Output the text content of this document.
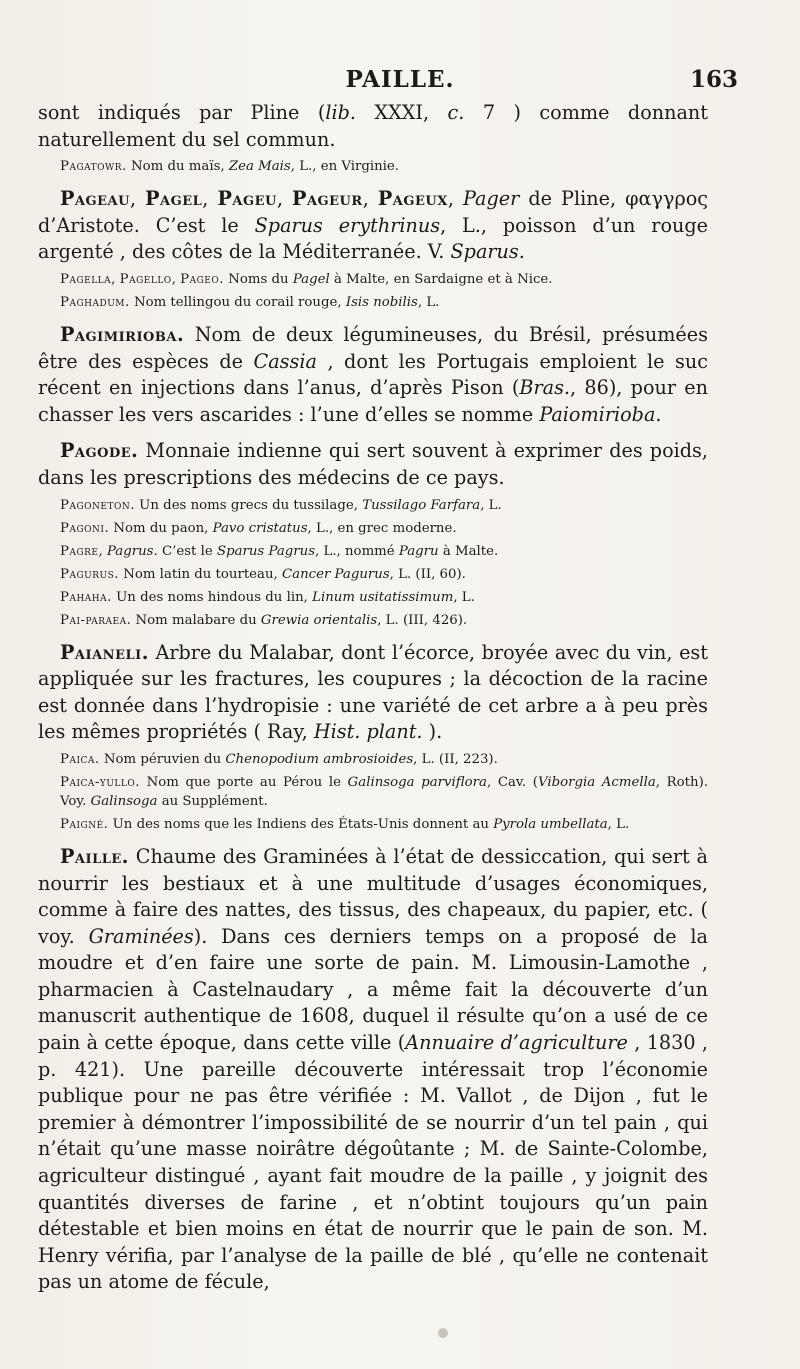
PAILLE.	163

sont indiqués par Pline (lib. XXXI, c. 7 ) comme donnant naturellement du sel commun.

Pagatowr. Nom du maïs, Zea Mais, L., en Virginie.

Pageau, Pagel, Pageu, Pageur, Pageux, Pager de Pline, φαγγρος d’Aristote. C’est le Sparus erythrinus, L., poisson d’un rouge argenté , des côtes de la Méditerranée. V. Sparus.

Pagella, Pagello, Pageo. Noms du Pagel à Malte, en Sardaigne et à Nice.

Paghadum. Nom tellingou du corail rouge, Isis nobilis, L.

Pagimirioba. Nom de deux légumineuses, du Brésil, présumées être des espèces de Cassia , dont les Portugais emploient le suc récent en injections dans l’anus, d’après Pison (Bras., 86), pour en chasser les vers ascarides : l’une d’elles se nomme Paiomirioba.

Pagode. Monnaie indienne qui sert souvent à exprimer des poids, dans les prescriptions des médecins de ce pays.

Pagoneton. Un des noms grecs du tussilage, Tussilago Farfara, L.

Pagoni. Nom du paon, Pavo cristatus, L., en grec moderne.

Pagre, Pagrus. C’est le Sparus Pagrus, L., nommé Pagru à Malte.

Pagurus. Nom latin du tourteau, Cancer Pagurus, L. (II, 60).

Pahaha. Un des noms hindous du lin, Linum usitatissimum, L.

Pai-paraea. Nom malabare du Grewia orientalis, L. (III, 426).

Paianeli. Arbre du Malabar, dont l’écorce, broyée avec du vin, est appliquée sur les fractures, les coupures ; la décoction de la racine est donnée dans l’hydropisie : une variété de cet arbre a à peu près les mêmes propriétés ( Ray, Hist. plant. ).

Paica. Nom péruvien du Chenopodium ambrosioides, L. (II, 223).

Paica-yullo. Nom que porte au Pérou le Galinsoga parviflora, Cav. (Viborgia Acmella, Roth). Voy. Galinsoga au Supplément.

Paigné. Un des noms que les Indiens des États-Unis donnent au Pyrola umbellata, L.

Paille. Chaume des Graminées à l’état de dessiccation, qui sert à nourrir les bestiaux et à une multitude d’usages économiques, comme à faire des nattes, des tissus, des chapeaux, du papier, etc. ( voy. Graminées). Dans ces derniers temps on a proposé de la moudre et d’en faire une sorte de pain. M. Limousin-Lamothe , pharmacien à Castelnaudary , a même fait la découverte d’un manuscrit authentique de 1608, duquel il résulte qu’on a usé de ce pain à cette époque, dans cette ville (Annuaire d’agriculture , 1830 , p. 421). Une pareille découverte intéressait trop l’économie publique pour ne pas être vérifiée : M. Vallot , de Dijon , fut le premier à démontrer l’impossibilité de se nourrir d’un tel pain , qui n’était qu’une masse noirâtre dégoûtante ; M. de Sainte-Colombe, agriculteur distingué , ayant fait moudre de la paille , y joignit des quantités diverses de farine , et n’obtint toujours qu’un pain détestable et bien moins en état de nourrir que le pain de son. M. Henry vérifia, par l’analyse de la paille de blé , qu’elle ne contenait pas un atome de fécule,
